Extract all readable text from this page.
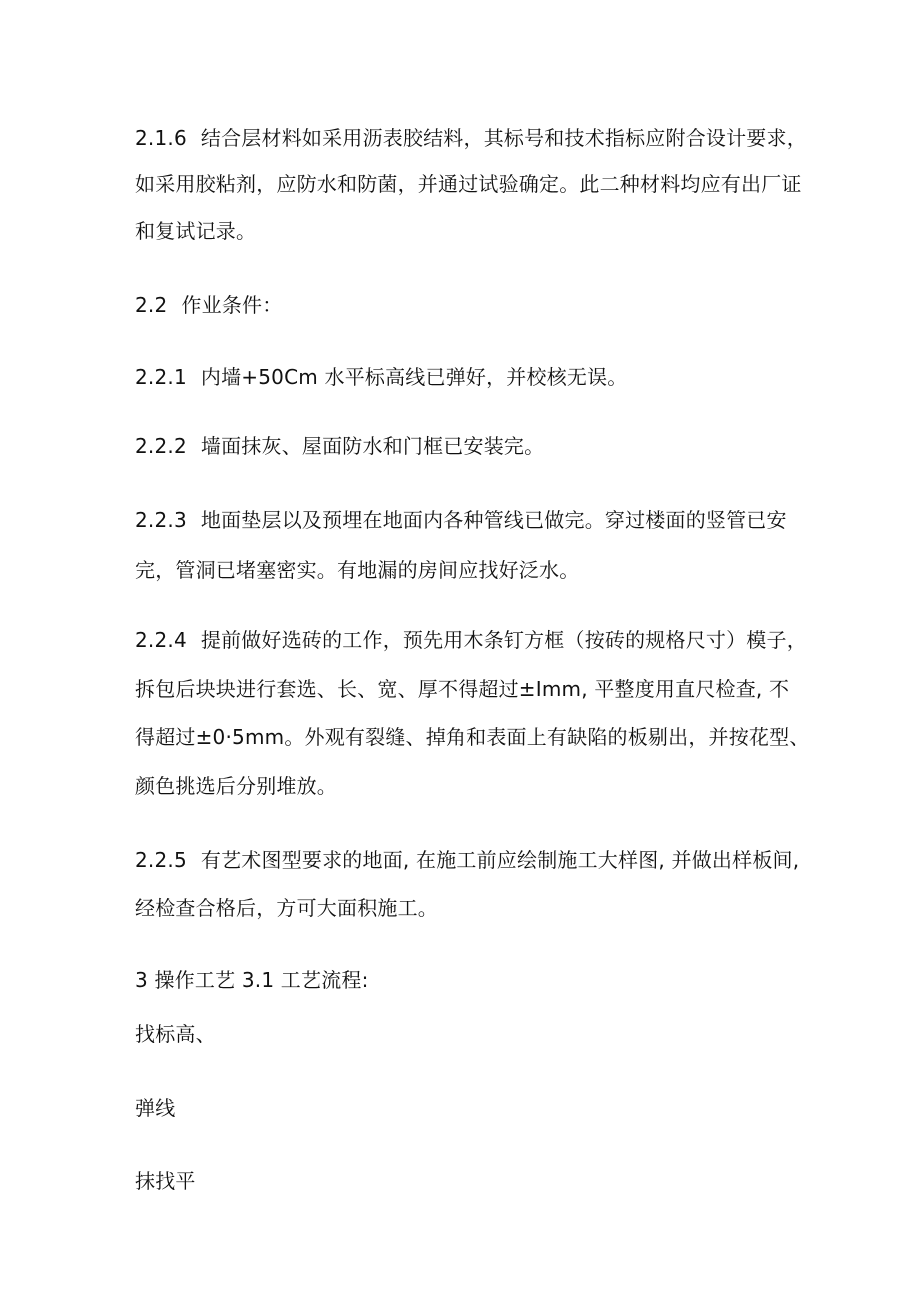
2.1.6 结合层材料如采用沥表胶结料，其标号和技术指标应附合设计要求，
如采用胶粘剂，应防水和防菌，并通过试验确定。此二种材料均应有出厂证
和复试记录。
2.2 作业条件：
2.2.1 内墙+50Cm 水平标高线已弹好，并校核无误。
2.2.2 墙面抹灰、屋面防水和门框已安装完。
2.2.3 地面垫层以及预埋在地面内各种管线已做完。穿过楼面的竖管已安
完，管洞已堵塞密实。有地漏的房间应找好泛水。
2.2.4 提前做好选砖的工作，预先用木条钉方框（按砖的规格尺寸）模子，
拆包后块块进行套选、长、宽、厚不得超过±Imm, 平整度用直尺检查, 不
得超过±0·5mm。外观有裂缝、掉角和表面上有缺陷的板剔出，并按花型、
颜色挑选后分别堆放。
2.2.5 有艺术图型要求的地面, 在施工前应绘制施工大样图, 并做出样板间,
经检查合格后，方可大面积施工。
3 操作工艺 3.1 工艺流程:
找标高、
弹线
抹找平
